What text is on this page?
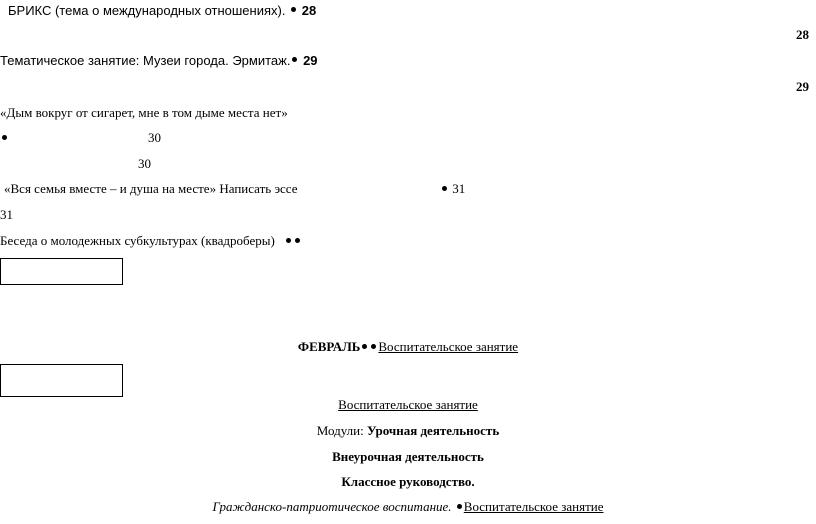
БРИКС (тема о международных отношениях). 28
28
Тематическое занятие: Музеи города. Эрмитаж. 29
29
«Дым вокруг от сигарет, мне в том дыме места нет»
30
30
«Вся семья вместе – и душа на месте» Написать эссе	31
31
Беседа о молодежных субкультурах (квадроберы)
ФЕВРАЛЬ Воспитательское занятие
Воспитательское занятие
Модули: Урочная деятельность
Внеурочная деятельность
Классное руководство.
Гражданско-патриотическое воспитание. Воспитательское занятие
